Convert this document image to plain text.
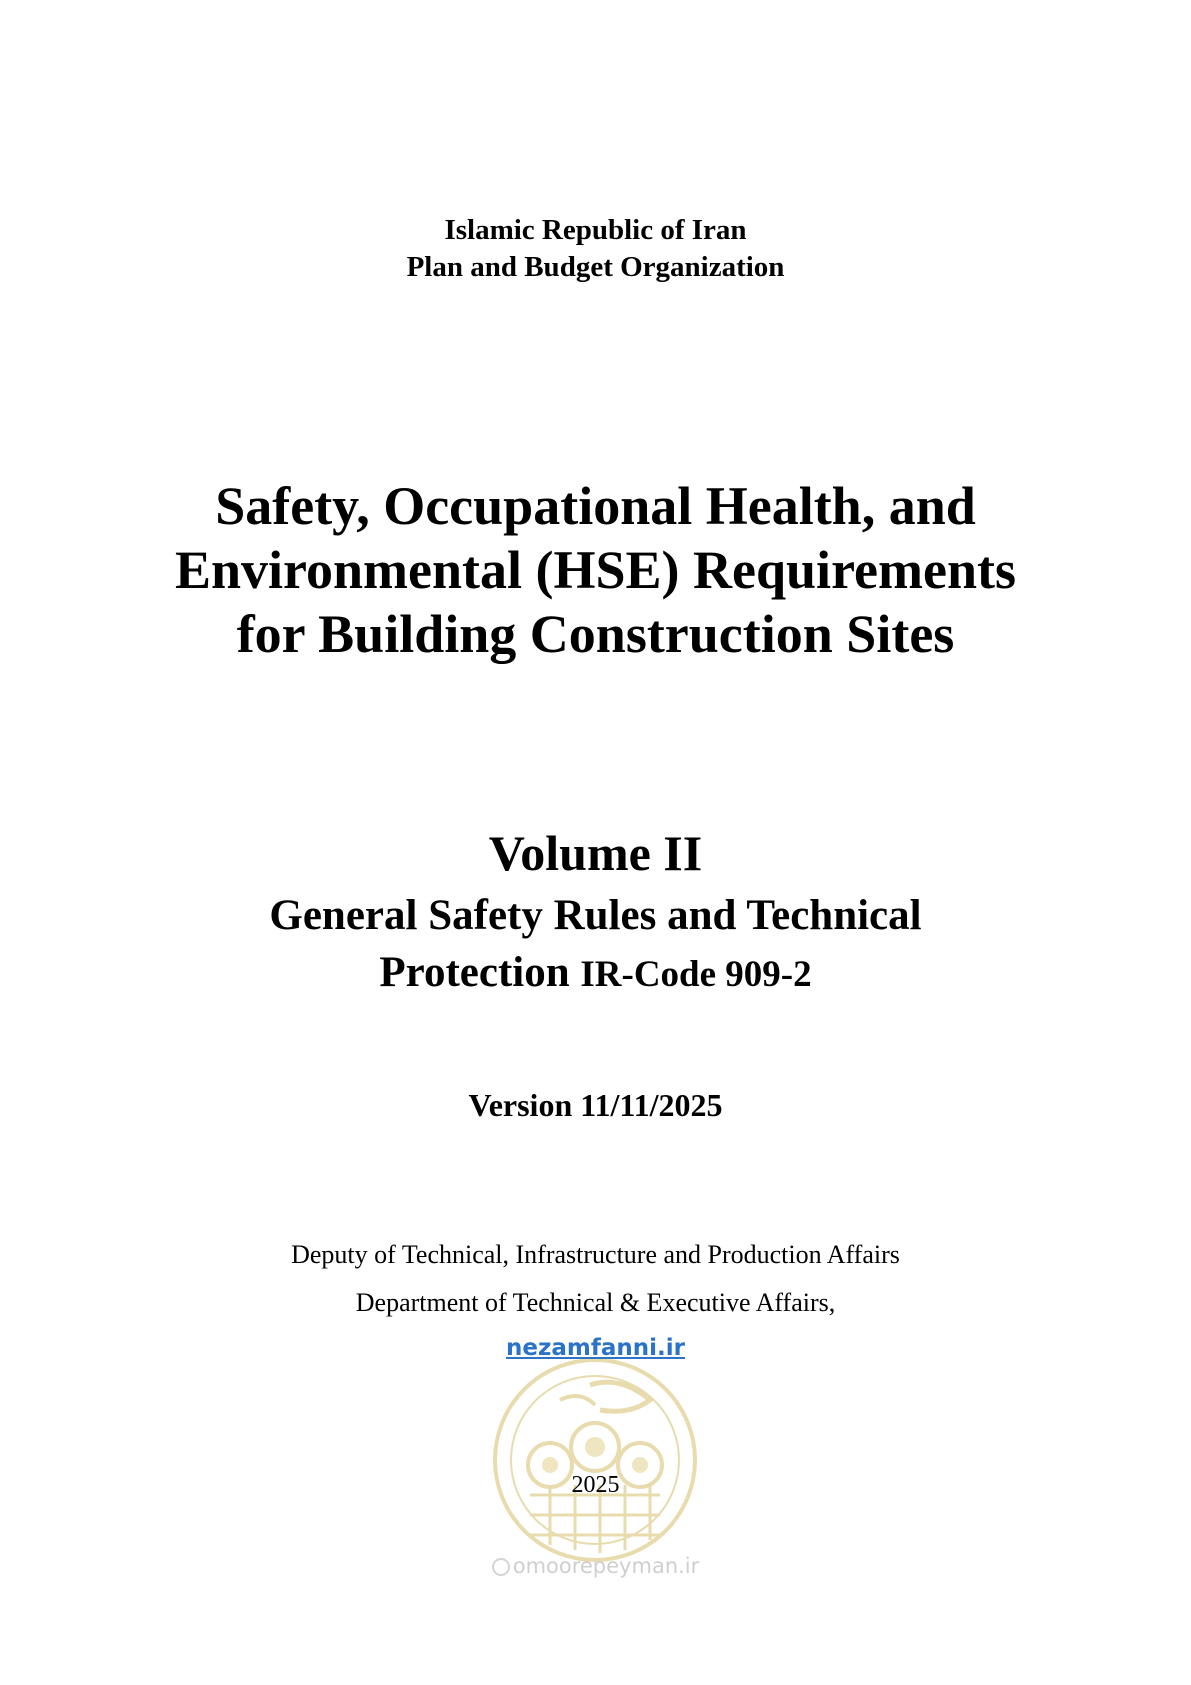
Islamic Republic of Iran
Plan and Budget Organization
Safety, Occupational Health, and
Environmental (HSE) Requirements
for Building Construction Sites
Volume II
General Safety Rules and Technical
Protection IR-Code 909-2
Version 11/11/2025
Deputy of Technical, Infrastructure and Production Affairs
Department of Technical & Executive Affairs,
nezamfanni.ir
2025
omoorepeyman.ir
